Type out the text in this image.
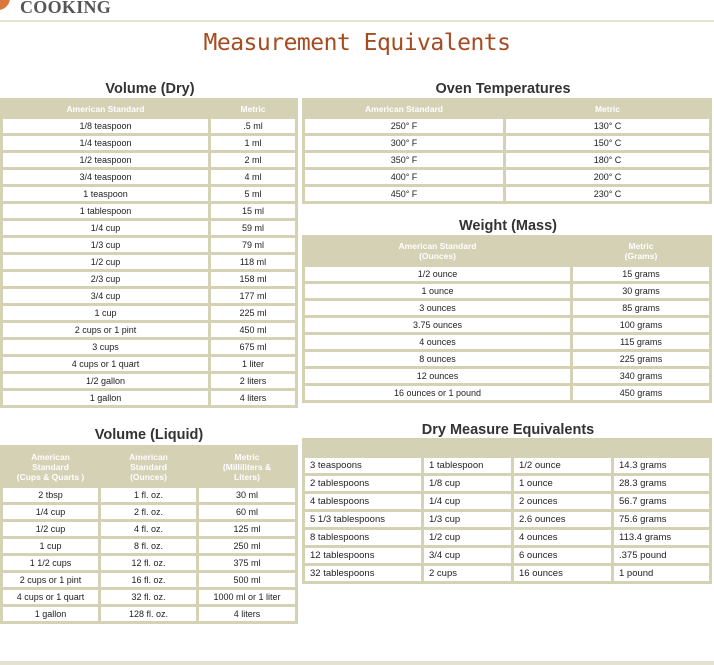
COOKING
Measurement Equivalents
Volume (Dry)
American Standard	Metric
1/8 teaspoon	.5 ml
1/4 teaspoon	1 ml
1/2 teaspoon	2 ml
3/4 teaspoon	4 ml
1 teaspoon	5 ml
1 tablespoon	15 ml
1/4 cup	59 ml
1/3 cup	79 ml
1/2 cup	118 ml
2/3 cup	158 ml
3/4 cup	177 ml
1 cup	225 ml
2 cups or 1 pint	450 ml
3 cups	675 ml
4 cups or 1 quart	1 liter
1/2 gallon	2 liters
1 gallon	4 liters
Oven Temperatures
American Standard	Metric
250° F	130° C
300° F	150° C
350° F	180° C
400° F	200° C
450° F	230° C
Weight (Mass)
American Standard
(Ounces)	Metric
(Grams)
1/2 ounce	15 grams
1 ounce	30 grams
3 ounces	85 grams
3.75 ounces	100 grams
4 ounces	115 grams
8 ounces	225 grams
12 ounces	340 grams
16 ounces or 1 pound	450 grams
Volume (Liquid)
American
Standard
(Cups & Quarts )	American
Standard
(Ounces)	Metric
(Milliliters &
Liters)
2 tbsp	1 fl. oz.	30 ml
1/4 cup	2 fl. oz.	60 ml
1/2 cup	4 fl. oz.	125 ml
1 cup	8 fl. oz.	250 ml
1 1/2 cups	12 fl. oz.	375 ml
2 cups or 1 pint	16 fl. oz.	500 ml
4 cups or 1 quart	32 fl. oz.	1000 ml or 1 liter
1 gallon	128 fl. oz.	4 liters
Dry Measure Equivalents

3 teaspoons	1 tablespoon	1/2 ounce	14.3 grams
2 tablespoons	1/8 cup	1 ounce	28.3 grams
4 tablespoons	1/4 cup	2 ounces	56.7 grams
5 1/3 tablespoons	1/3 cup	2.6 ounces	75.6 grams
8 tablespoons	1/2 cup	4 ounces	113.4 grams
12 tablespoons	3/4 cup	6 ounces	.375 pound
32 tablespoons	2 cups	16 ounces	1 pound
